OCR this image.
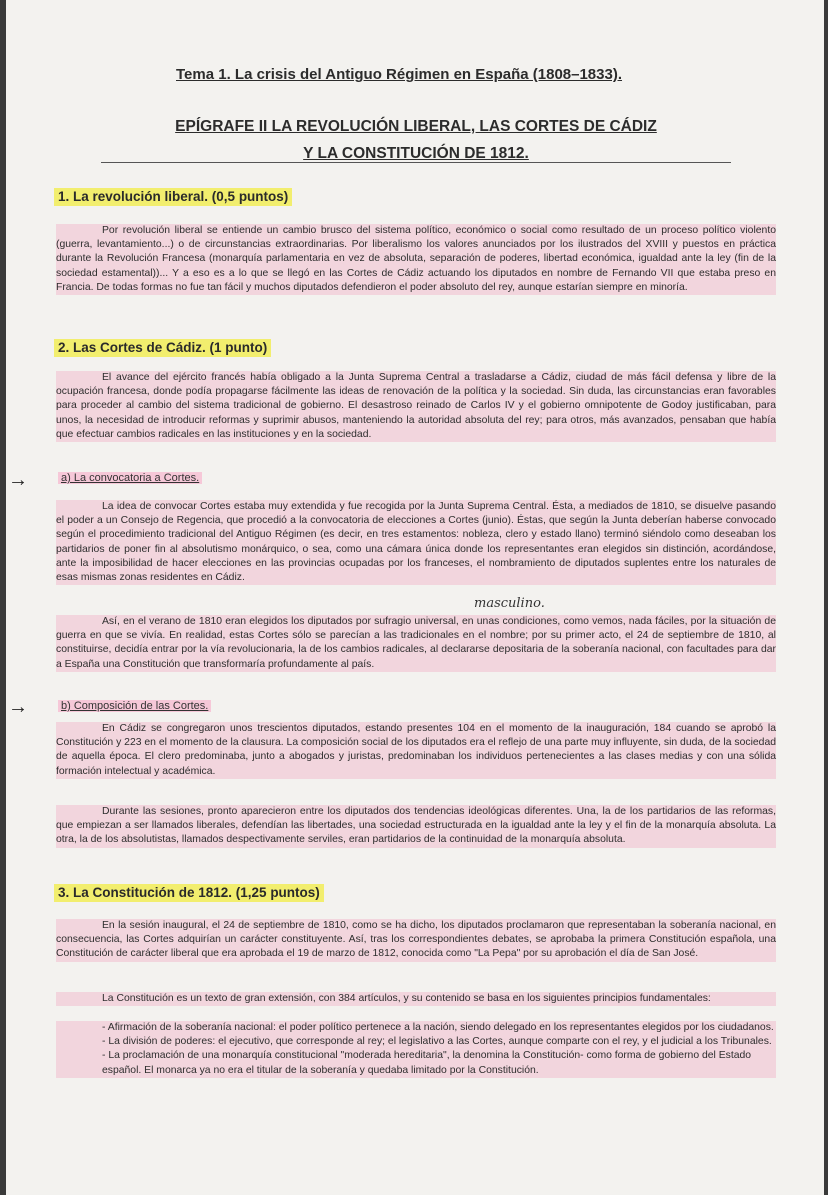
Tema 1. La crisis del Antiguo Régimen en España (1808–1833).
EPÍGRAFE II LA REVOLUCIÓN LIBERAL, LAS CORTES DE CÁDIZ
Y LA CONSTITUCIÓN DE 1812.
1. La revolución liberal. (0,5 puntos)

Por revolución liberal se entiende un cambio brusco del sistema político, económico o social como resultado de un proceso político violento (guerra, levantamiento...) o de circunstancias extraordinarias. Por liberalismo los valores anunciados por los ilustrados del XVIII y puestos en práctica durante la Revolución Francesa (monarquía parlamentaria en vez de absoluta, separación de poderes, libertad económica, igualdad ante la ley (fin de la sociedad estamental))... Y a eso es a lo que se llegó en las Cortes de Cádiz actuando los diputados en nombre de Fernando VII que estaba preso en Francia. De todas formas no fue tan fácil y muchos diputados defendieron el poder absoluto del rey, aunque estarían siempre en minoría.

2. Las Cortes de Cádiz. (1 punto)

El avance del ejército francés había obligado a la Junta Suprema Central a trasladarse a Cádiz, ciudad de más fácil defensa y libre de la ocupación francesa, donde podía propagarse fácilmente las ideas de renovación de la política y la sociedad. Sin duda, las circunstancias eran favorables para proceder al cambio del sistema tradicional de gobierno. El desastroso reinado de Carlos IV y el gobierno omnipotente de Godoy justificaban, para unos, la necesidad de introducir reformas y suprimir abusos, manteniendo la autoridad absoluta del rey; para otros, más avanzados, pensaban que había que efectuar cambios radicales en las instituciones y en la sociedad.

→	a) La convocatoria a Cortes.

La idea de convocar Cortes estaba muy extendida y fue recogida por la Junta Suprema Central. Ésta, a mediados de 1810, se disuelve pasando el poder a un Consejo de Regencia, que procedió a la convocatoria de elecciones a Cortes (junio). Éstas, que según la Junta deberían haberse convocado según el procedimiento tradicional del Antiguo Régimen (es decir, en tres estamentos: nobleza, clero y estado llano) terminó siéndolo como deseaban los partidarios de poner fin al absolutismo monárquico, o sea, como una cámara única donde los representantes eran elegidos sin distinción, acordándose, ante la imposibilidad de hacer elecciones en las provincias ocupadas por los franceses, el nombramiento de diputados suplentes entre los naturales de esas mismas zonas residentes en Cádiz.

masculino.

Así, en el verano de 1810 eran elegidos los diputados por sufragio universal, en unas condiciones, como vemos, nada fáciles, por la situación de guerra en que se vivía. En realidad, estas Cortes sólo se parecían a las tradicionales en el nombre; por su primer acto, el 24 de septiembre de 1810, al constituirse, decidía entrar por la vía revolucionaria, la de los cambios radicales, al declararse depositaria de la soberanía nacional, con facultades para dar a España una Constitución que transformaría profundamente al país.

→	b) Composición de las Cortes.

En Cádiz se congregaron unos trescientos diputados, estando presentes 104 en el momento de la inauguración, 184 cuando se aprobó la Constitución y 223 en el momento de la clausura. La composición social de los diputados era el reflejo de una parte muy influyente, sin duda, de la sociedad de aquella época. El clero predominaba, junto a abogados y juristas, predominaban los individuos pertenecientes a las clases medias y con una sólida formación intelectual y académica.

Durante las sesiones, pronto aparecieron entre los diputados dos tendencias ideológicas diferentes. Una, la de los partidarios de las reformas, que empiezan a ser llamados liberales, defendían las libertades, una sociedad estructurada en la igualdad ante la ley y el fin de la monarquía absoluta. La otra, la de los absolutistas, llamados despectivamente serviles, eran partidarios de la continuidad de la monarquía absoluta.

3. La Constitución de 1812. (1,25 puntos)

En la sesión inaugural, el 24 de septiembre de 1810, como se ha dicho, los diputados proclamaron que representaban la soberanía nacional, en consecuencia, las Cortes adquirían un carácter constituyente. Así, tras los correspondientes debates, se aprobaba la primera Constitución española, una Constitución de carácter liberal que era aprobada el 19 de marzo de 1812, conocida como "La Pepa" por su aprobación el día de San José.

La Constitución es un texto de gran extensión, con 384 artículos, y su contenido se basa en los siguientes principios fundamentales:

- Afirmación de la soberanía nacional: el poder político pertenece a la nación, siendo delegado en los representantes elegidos por los ciudadanos.
- La división de poderes: el ejecutivo, que corresponde al rey; el legislativo a las Cortes, aunque comparte con el rey, y el judicial a los Tribunales.
- La proclamación de una monarquía constitucional "moderada hereditaria", la denomina la Constitución- como forma de gobierno del Estado español. El monarca ya no era el titular de la soberanía y quedaba limitado por la Constitución.
